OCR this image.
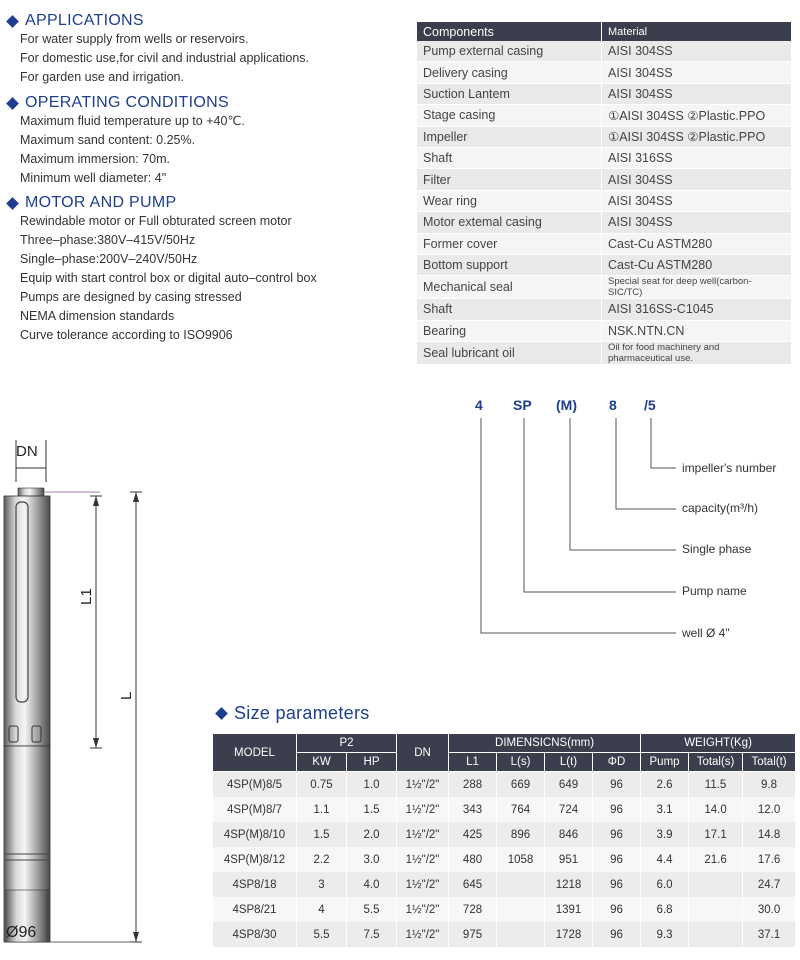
APPLICATIONS
For water supply from wells or reservoirs.
For domestic use,for civil and industrial applications.
For garden use and irrigation.
OPERATING CONDITIONS
Maximum fluid temperature up to +40℃.
Maximum sand content: 0.25%.
Maximum immersion: 70m.
Minimum well diameter: 4"
MOTOR AND PUMP
Rewindable motor or Full obturated screen motor
Three–phase:380V–415V/50Hz
Single–phase:200V–240V/50Hz
Equip with start control box or digital auto–control box
Pumps are designed by casing stressed
NEMA dimension standards
Curve tolerance according to ISO9906
Components	Material
Pump external casing	AISI 304SS
Delivery casing	AISI 304SS
Suction Lantem	AISI 304SS
Stage casing	①AISI 304SS ②Plastic.PPO
Impeller	①AISI 304SS ②Plastic.PPO
Shaft	AISI 316SS
Filter	AISI 304SS
Wear ring	AISI 304SS
Motor extemal casing	AISI 304SS
Former cover	Cast-Cu ASTM280
Bottom support	Cast-Cu ASTM280
Mechanical seal	Special seat for deep well(carbon-SIC/TC)
Shaft	AISI 316SS-C1045
Bearing	NSK.NTN.CN
Seal lubricant oil	Oil for food machinery and pharmaceutical use.
4 SP (M) 8 /5
impeller's number
capacity(m³/h)
Single phase
Pump name
well Ø 4"
DN
L1
L
Ø96
Size parameters
MODEL	P2		DN	DIMENSICNS(mm)				WEIGHT(Kg)		
	KW	HP		L1	L(s)	L(t)	ΦD	Pump	Total(s)	Total(t)
4SP(M)8/5	0.75	1.0	1½"/2"	288	669	649	96	2.6	11.5	9.8
4SP(M)8/7	1.1	1.5	1½"/2"	343	764	724	96	3.1	14.0	12.0
4SP(M)8/10	1.5	2.0	1½"/2"	425	896	846	96	3.9	17.1	14.8
4SP(M)8/12	2.2	3.0	1½"/2"	480	1058	951	96	4.4	21.6	17.6
4SP8/18	3	4.0	1½"/2"	645		1218	96	6.0		24.7
4SP8/21	4	5.5	1½"/2"	728		1391	96	6.8		30.0
4SP8/30	5.5	7.5	1½"/2"	975		1728	96	9.3		37.1
